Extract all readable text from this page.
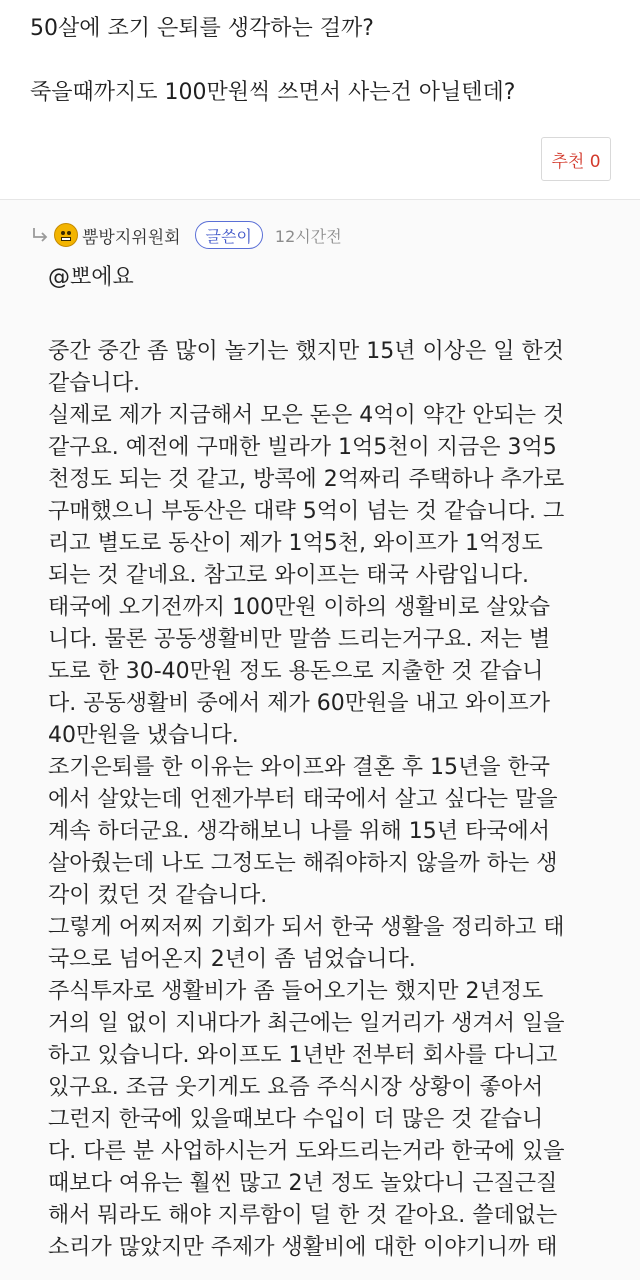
50살에 조기 은퇴를 생각하는 걸까?
죽을때까지도 100만원씩 쓰면서 사는건 아닐텐데?
추천 0
뿜방지위원회	글쓴이	12시간전
@뽀에요
중간 중간 좀 많이 놀기는 했지만 15년 이상은 일 한것
같습니다.
실제로 제가 지금해서 모은 돈은 4억이 약간 안되는 것
같구요. 예전에 구매한 빌라가 1억5천이 지금은 3억5
천정도 되는 것 같고, 방콕에 2억짜리 주택하나 추가로
구매했으니 부동산은 대략 5억이 넘는 것 같습니다. 그
리고 별도로 동산이 제가 1억5천, 와이프가 1억정도
되는 것 같네요. 참고로 와이프는 태국 사람입니다.
태국에 오기전까지 100만원 이하의 생활비로 살았습
니다. 물론 공동생활비만 말씀 드리는거구요. 저는 별
도로 한 30-40만원 정도 용돈으로 지출한 것 같습니
다. 공동생활비 중에서 제가 60만원을 내고 와이프가
40만원을 냈습니다.
조기은퇴를 한 이유는 와이프와 결혼 후 15년을 한국
에서 살았는데 언젠가부터 태국에서 살고 싶다는 말을
계속 하더군요. 생각해보니 나를 위해 15년 타국에서
살아줬는데 나도 그정도는 해줘야하지 않을까 하는 생
각이 컸던 것 같습니다.
그렇게 어찌저찌 기회가 되서 한국 생활을 정리하고 태
국으로 넘어온지 2년이 좀 넘었습니다.
주식투자로 생활비가 좀 들어오기는 했지만 2년정도
거의 일 없이 지내다가 최근에는 일거리가 생겨서 일을
하고 있습니다. 와이프도 1년반 전부터 회사를 다니고
있구요. 조금 웃기게도 요즘 주식시장 상황이 좋아서
그런지 한국에 있을때보다 수입이 더 많은 것 같습니
다. 다른 분 사업하시는거 도와드리는거라 한국에 있을
때보다 여유는 훨씬 많고 2년 정도 놀았다니 근질근질
해서 뭐라도 해야 지루함이 덜 한 것 같아요. 쓸데없는
소리가 많았지만 주제가 생활비에 대한 이야기니까 태
